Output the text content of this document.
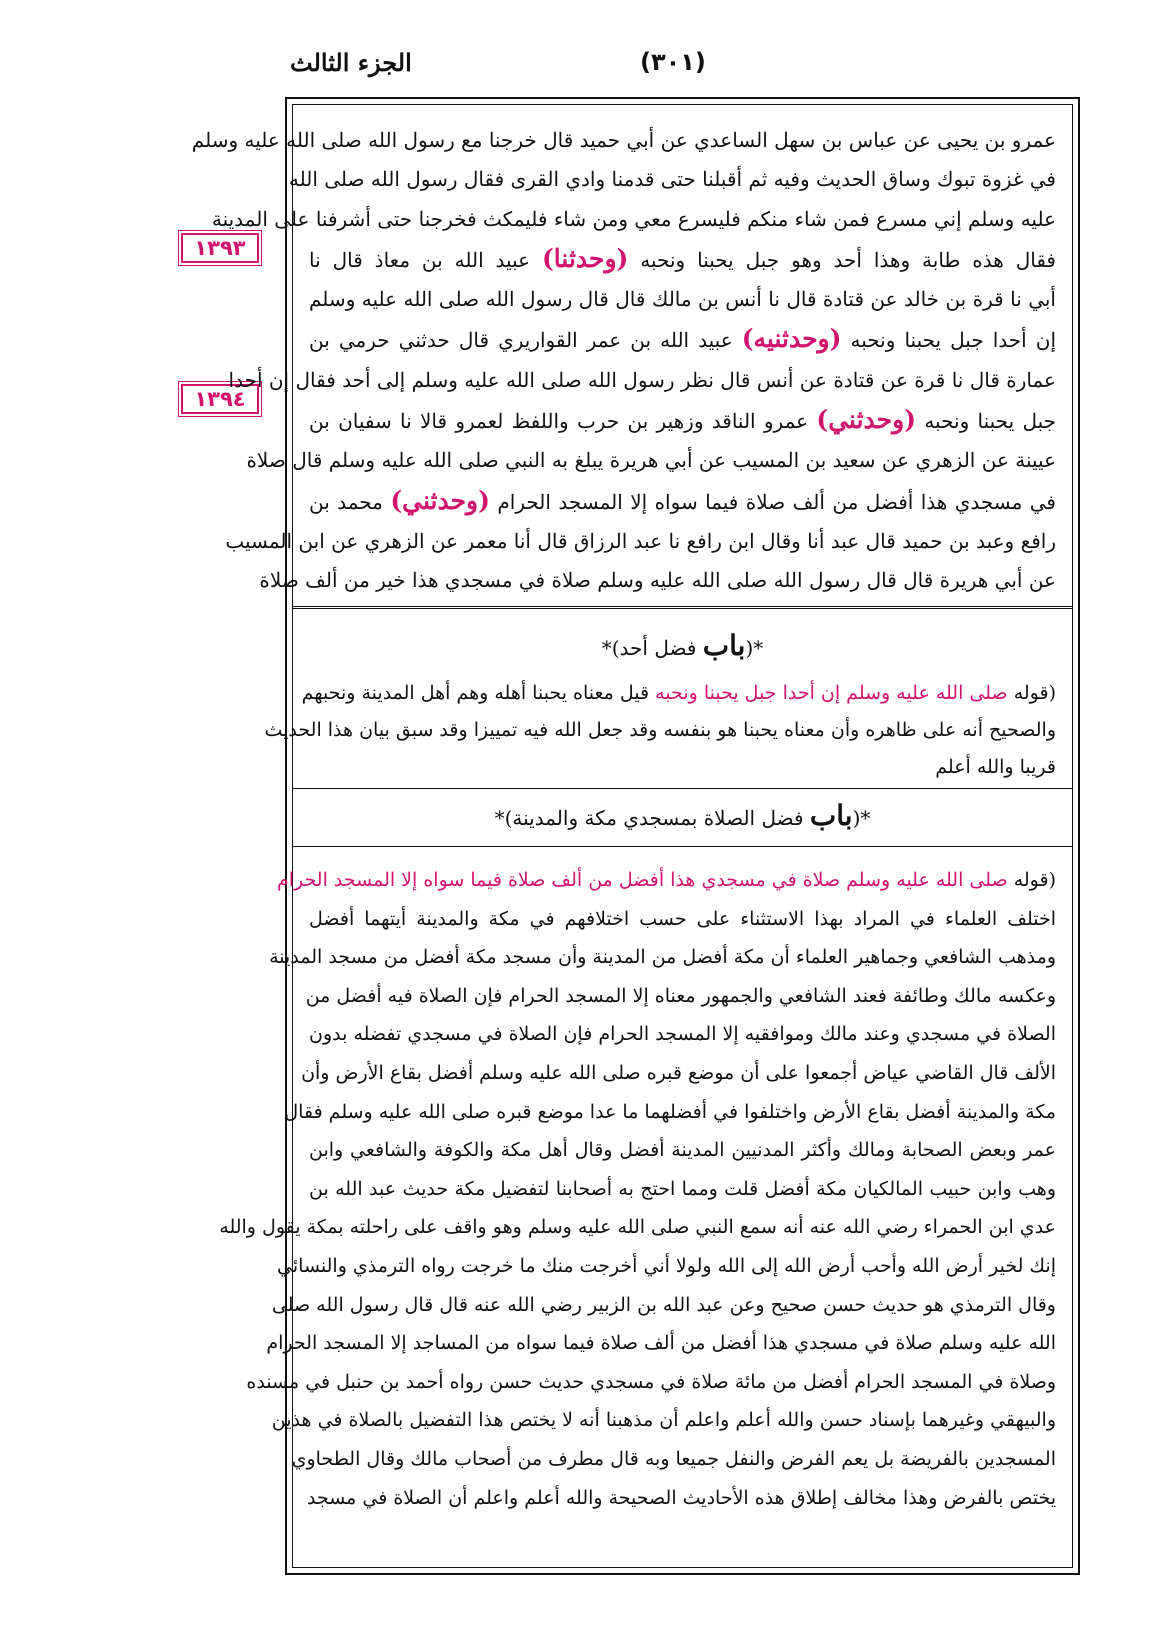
الجزء الثالث	(٣٠١)
١٣٩٣
١٣٩٤

عمرو بن يحيى عن عباس بن سهل الساعدي عن أبي حميد قال خرجنا مع رسول الله صلى الله عليه وسلم

في غزوة تبوك وساق الحديث وفيه ثم أقبلنا حتى قدمنا وادي القرى فقال رسول الله صلى الله

عليه وسلم إني مسرع فمن شاء منكم فليسرع معي ومن شاء فليمكث فخرجنا حتى أشرفنا على المدينة

فقال هذه طابة وهذا أحد وهو جبل يحبنا ونحبه (وحدثنا) عبيد الله بن معاذ قال نا

أبي نا قرة بن خالد عن قتادة قال نا أنس بن مالك قال قال رسول الله صلى الله عليه وسلم

إن أحدا جبل يحبنا ونحبه (وحدثنيه) عبيد الله بن عمر القواريري قال حدثني حرمي بن

عمارة قال نا قرة عن قتادة عن أنس قال نظر رسول الله صلى الله عليه وسلم إلى أحد فقال إن أحدا

جبل يحبنا ونحبه (وحدثني) عمرو الناقد وزهير بن حرب واللفظ لعمرو قالا نا سفيان بن

عيينة عن الزهري عن سعيد بن المسيب عن أبي هريرة يبلغ به النبي صلى الله عليه وسلم قال صلاة

في مسجدي هذا أفضل من ألف صلاة فيما سواه إلا المسجد الحرام (وحدثني) محمد بن

رافع وعبد بن حميد قال عبد أنا وقال ابن رافع نا عبد الرزاق قال أنا معمر عن الزهري عن ابن المسيب

عن أبي هريرة قال قال رسول الله صلى الله عليه وسلم صلاة في مسجدي هذا خير من ألف صلاة

*(باب فضل أحد)*

(قوله صلى الله عليه وسلم إن أحدا جبل يحبنا ونحبه قيل معناه يحبنا أهله وهم أهل المدينة ونحبهم

والصحيح أنه على ظاهره وأن معناه يحبنا هو بنفسه وقد جعل الله فيه تمييزا وقد سبق بيان هذا الحديث

قريبا والله أعلم

*(باب فضل الصلاة بمسجدي مكة والمدينة)*

(قوله صلى الله عليه وسلم صلاة في مسجدي هذا أفضل من ألف صلاة فيما سواه إلا المسجد الحرام

اختلف العلماء في المراد بهذا الاستثناء على حسب اختلافهم في مكة والمدينة أيتهما أفضل

ومذهب الشافعي وجماهير العلماء أن مكة أفضل من المدينة وأن مسجد مكة أفضل من مسجد المدينة

وعكسه مالك وطائفة فعند الشافعي والجمهور معناه إلا المسجد الحرام فإن الصلاة فيه أفضل من

الصلاة في مسجدي وعند مالك وموافقيه إلا المسجد الحرام فإن الصلاة في مسجدي تفضله بدون

الألف قال القاضي عياض أجمعوا على أن موضع قبره صلى الله عليه وسلم أفضل بقاع الأرض وأن

مكة والمدينة أفضل بقاع الأرض واختلفوا في أفضلهما ما عدا موضع قبره صلى الله عليه وسلم فقال

عمر وبعض الصحابة ومالك وأكثر المدنيين المدينة أفضل وقال أهل مكة والكوفة والشافعي وابن

وهب وابن حبيب المالكيان مكة أفضل قلت ومما احتج به أصحابنا لتفضيل مكة حديث عبد الله بن

عدي ابن الحمراء رضي الله عنه أنه سمع النبي صلى الله عليه وسلم وهو واقف على راحلته بمكة يقول والله

إنك لخير أرض الله وأحب أرض الله إلى الله ولولا أني أخرجت منك ما خرجت رواه الترمذي والنسائي

وقال الترمذي هو حديث حسن صحيح وعن عبد الله بن الزبير رضي الله عنه قال قال رسول الله صلى

الله عليه وسلم صلاة في مسجدي هذا أفضل من ألف صلاة فيما سواه من المساجد إلا المسجد الحرام

وصلاة في المسجد الحرام أفضل من مائة صلاة في مسجدي حديث حسن رواه أحمد بن حنبل في مسنده

والبيهقي وغيرهما بإسناد حسن والله أعلم واعلم أن مذهبنا أنه لا يختص هذا التفضيل بالصلاة في هذين

المسجدين بالفريضة بل يعم الفرض والنفل جميعا وبه قال مطرف من أصحاب مالك وقال الطحاوي

يختص بالفرض وهذا مخالف إطلاق هذه الأحاديث الصحيحة والله أعلم واعلم أن الصلاة في مسجد
